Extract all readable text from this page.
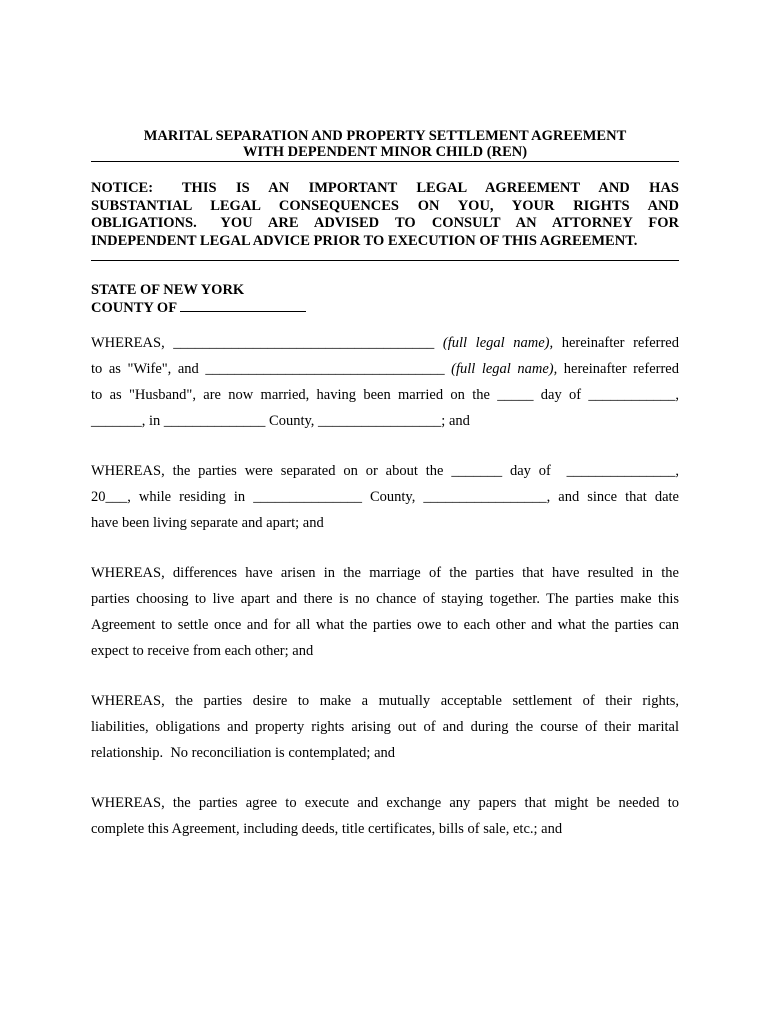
MARITAL SEPARATION AND PROPERTY SETTLEMENT AGREEMENT
WITH DEPENDENT MINOR CHILD (REN)
NOTICE:   THIS  IS  AN  IMPORTANT  LEGAL  AGREEMENT  AND  HAS
SUBSTANTIAL  LEGAL  CONSEQUENCES  ON  YOU,  YOUR  RIGHTS  AND
OBLIGATIONS.   YOU  ARE  ADVISED  TO  CONSULT  AN  ATTORNEY  FOR
INDEPENDENT LEGAL ADVICE PRIOR TO EXECUTION OF THIS AGREEMENT.
STATE OF NEW YORK
COUNTY OF
WHEREAS, ____________________________________ (full legal name), hereinafter referred
to as "Wife", and _________________________________ (full legal name), hereinafter referred
to as "Husband", are now married, having been married on the _____ day of ____________,
_______, in ______________ County, _________________; and
WHEREAS, the parties were separated on or about the _______ day of  _______________,
20___, while residing in _______________ County, _________________, and since that date
have been living separate and apart; and
WHEREAS, differences have arisen in the marriage of the parties that have resulted in the
parties choosing to live apart and there is no chance of staying together. The parties make this
Agreement to settle once and for all what the parties owe to each other and what the parties can
expect to receive from each other; and
WHEREAS, the parties desire to make a mutually acceptable settlement of their rights,
liabilities, obligations and property rights arising out of and during the course of their marital
relationship.  No reconciliation is contemplated; and
WHEREAS, the parties agree to execute and exchange any papers that might be needed to
complete this Agreement, including deeds, title certificates, bills of sale, etc.; and
